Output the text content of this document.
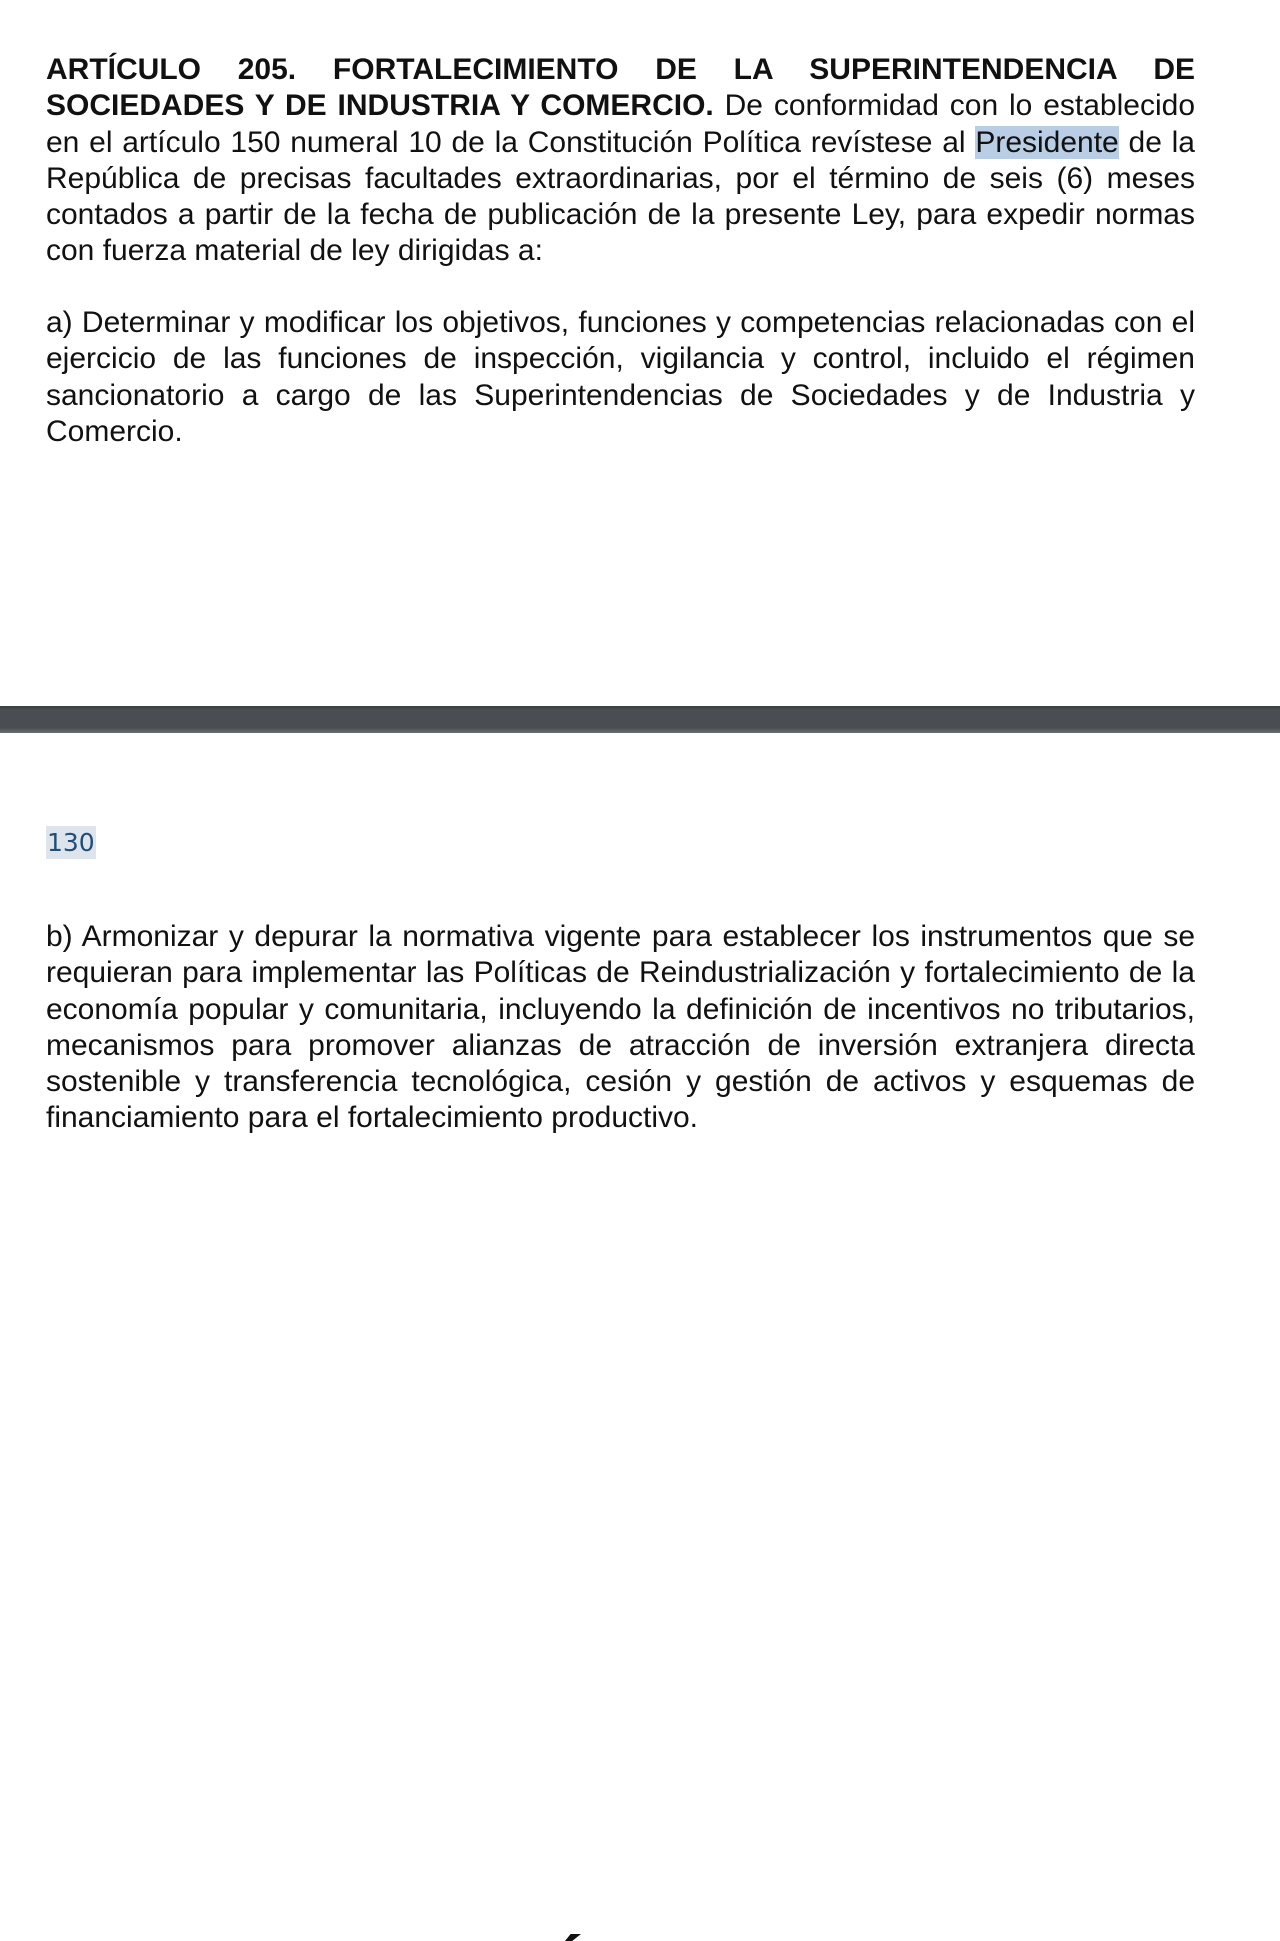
ARTÍCULO 205. FORTALECIMIENTO DE LA SUPERINTENDENCIA DE SOCIEDADES Y DE INDUSTRIA Y COMERCIO. De conformidad con lo establecido en el artículo 150 numeral 10 de la Constitución Política revístese al Presidente de la República de precisas facultades extraordinarias, por el término de seis (6) meses contados a partir de la fecha de publicación de la presente Ley, para expedir normas con fuerza material de ley dirigidas a:

a) Determinar y modificar los objetivos, funciones y competencias relacionadas con el ejercicio de las funciones de inspección, vigilancia y control, incluido el régimen sancionatorio a cargo de las Superintendencias de Sociedades y de Industria y Comercio.

130

b) Armonizar y depurar la normativa vigente para establecer los instrumentos que se requieran para implementar las Políticas de Reindustrialización y fortalecimiento de la economía popular y comunitaria, incluyendo la definición de incentivos no tributarios, mecanismos para promover alianzas de atracción de inversión extranjera directa sostenible y transferencia tecnológica, cesión y gestión de activos y esquemas de financiamiento para el fortalecimiento productivo.
